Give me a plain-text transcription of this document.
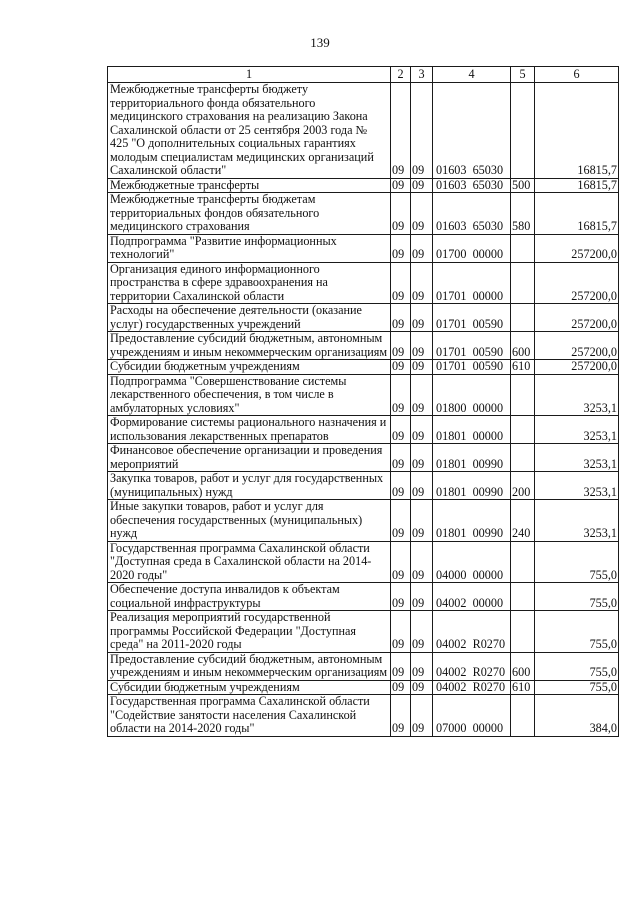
139
1	2	3	4	5	6
Межбюджетные трансферты бюджету территориального фонда обязательного медицинского страхования на реализацию Закона Сахалинской области от 25 сентября 2003 года № 425 "О дополнительных социальных гарантиях молодым специалистам медицинских организаций Сахалинской области"	09	09	01603  65030		16815,7
Межбюджетные трансферты	09	09	01603  65030	500	16815,7
Межбюджетные трансферты бюджетам территориальных фондов обязательного медицинского страхования	09	09	01603  65030	580	16815,7
Подпрограмма "Развитие информационных технологий"	09	09	01700  00000		257200,0
Организация единого информационного пространства в сфере здравоохранения на территории Сахалинской области	09	09	01701  00000		257200,0
Расходы на обеспечение деятельности (оказание услуг) государственных учреждений	09	09	01701  00590		257200,0
Предоставление субсидий бюджетным, автономным учреждениям и иным некоммерческим организациям	09	09	01701  00590	600	257200,0
Субсидии бюджетным учреждениям	09	09	01701  00590	610	257200,0
Подпрограмма "Совершенствование системы лекарственного обеспечения, в том числе в амбулаторных условиях"	09	09	01800  00000		3253,1
Формирование системы рационального назначения и использования лекарственных препаратов	09	09	01801  00000		3253,1
Финансовое обеспечение организации и проведения мероприятий	09	09	01801  00990		3253,1
Закупка товаров, работ и услуг для государственных (муниципальных) нужд	09	09	01801  00990	200	3253,1
Иные закупки товаров, работ и услуг для обеспечения государственных (муниципальных) нужд	09	09	01801  00990	240	3253,1
Государственная программа Сахалинской области "Доступная среда в Сахалинской области на 2014-2020 годы"	09	09	04000  00000		755,0
Обеспечение доступа инвалидов к объектам социальной инфраструктуры	09	09	04002  00000		755,0
Реализация мероприятий государственной программы Российской Федерации "Доступная среда" на 2011-2020 годы	09	09	04002  R0270		755,0
Предоставление субсидий бюджетным, автономным учреждениям и иным некоммерческим организациям	09	09	04002  R0270	600	755,0
Субсидии бюджетным учреждениям	09	09	04002  R0270	610	755,0
Государственная программа Сахалинской области "Содействие занятости населения Сахалинской области на 2014-2020 годы"	09	09	07000  00000		384,0
